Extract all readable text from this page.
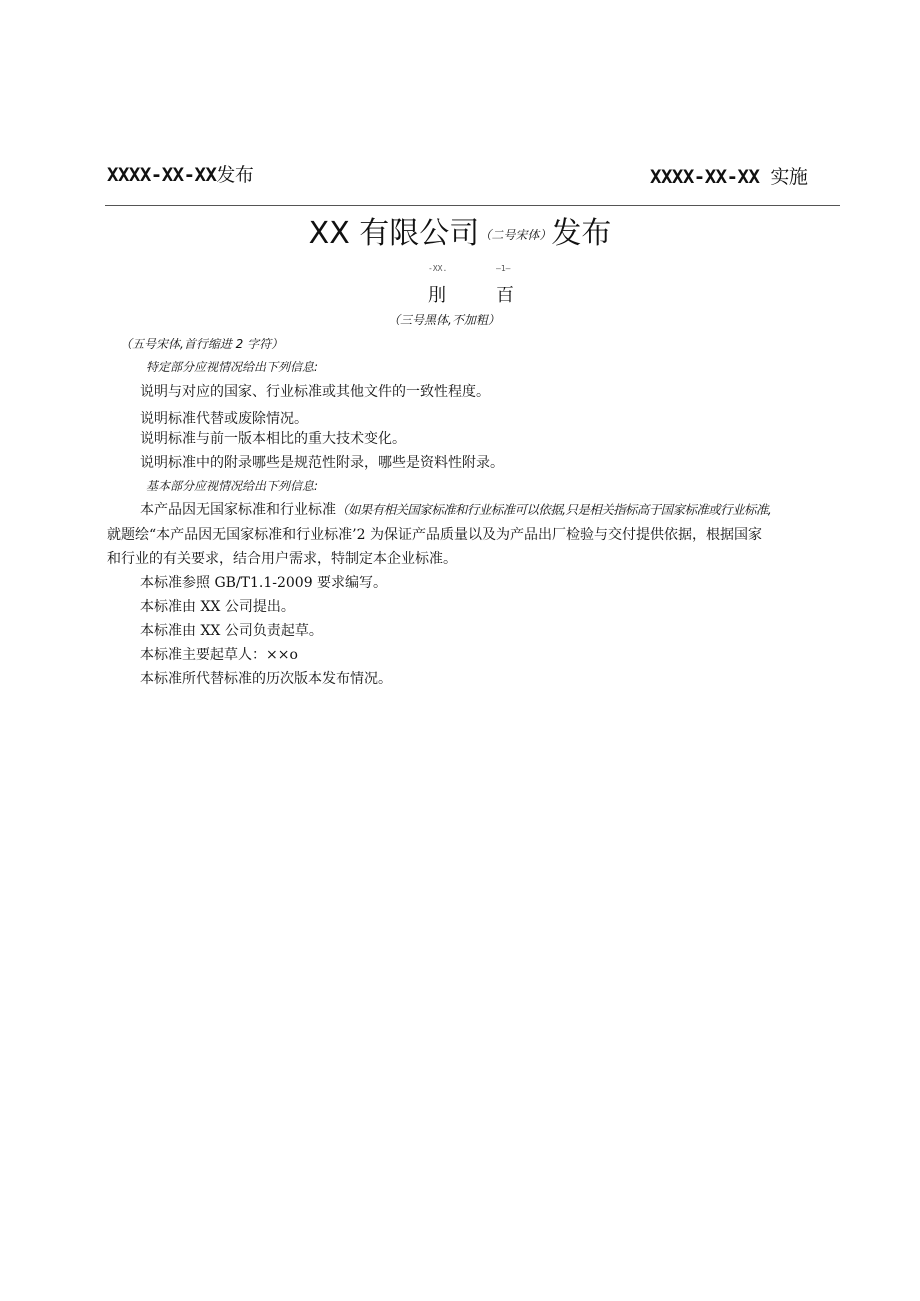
XXXX-XX-XX发布	XXXX-XX-XX 实施
XX 有限公司（二号宋体）发布
-XX.	—1—
刖	百
（三号黑体,不加粗）
（五号宋体,首行缩进 2 字符）
特定部分应视情况给出下列信息:
说明与对应的国家、行业标准或其他文件的一致性程度。
说明标准代替或废除情况。
说明标准与前一版本相比的重大技术变化。
说明标准中的附录哪些是规范性附录，哪些是资料性附录。
基本部分应视情况给出下列信息:
本产品因无国家标准和行业标准（如果有相关国家标准和行业标准可以依据,只是相关指标高于国家标准或行业标准,
就题绘“本产品因无国家标准和行业标准’2 为保证产品质量以及为产品出厂检验与交付提供依据，根据国家
和行业的有关要求，结合用户需求，特制定本企业标准。
本标准参照 GB/T1.1-2009 要求编写。
本标准由 XX 公司提出。
本标准由 XX 公司负责起草。
本标准主要起草人：××o
本标准所代替标准的历次版本发布情况。
